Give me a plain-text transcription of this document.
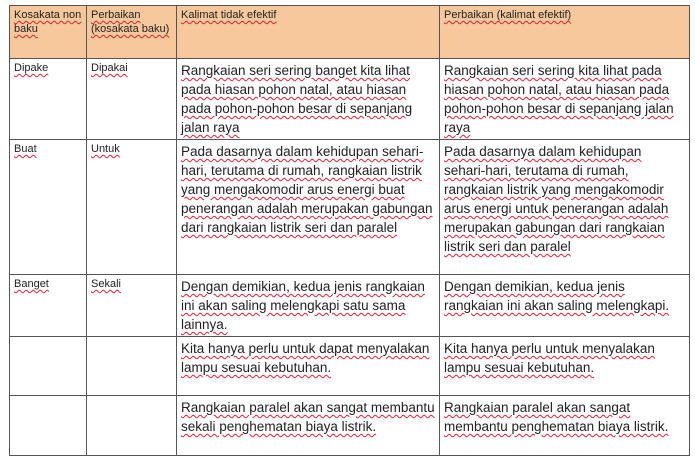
Kosakata non baku	Perbaikan (kosakata baku)	Kalimat tidak efektif	Perbaikan (kalimat efektif)
Dipake	Dipakai	Rangkaian seri sering banget kita lihat pada hiasan pohon natal, atau hiasan pada pohon-pohon besar di sepanjang jalan raya	Rangkaian seri sering kita lihat pada hiasan pohon natal, atau hiasan pada pohon-pohon besar di sepanjang jalan raya
Buat	Untuk	Pada dasarnya dalam kehidupan sehari-hari, terutama di rumah, rangkaian listrik yang mengakomodir arus energi buat penerangan adalah merupakan gabungan dari rangkaian listrik seri dan paralel	Pada dasarnya dalam kehidupan sehari-hari, terutama di rumah, rangkaian listrik yang mengakomodir arus energi untuk penerangan adalah merupakan gabungan dari rangkaian listrik seri dan paralel
Banget	Sekali	Dengan demikian, kedua jenis rangkaian ini akan saling melengkapi satu sama lainnya.	Dengan demikian, kedua jenis rangkaian ini akan saling melengkapi.
		Kita hanya perlu untuk dapat menyalakan lampu sesuai kebutuhan.	Kita hanya perlu untuk menyalakan lampu sesuai kebutuhan.
		Rangkaian paralel akan sangat membantu sekali penghematan biaya listrik.	Rangkaian paralel akan sangat membantu penghematan biaya listrik.
